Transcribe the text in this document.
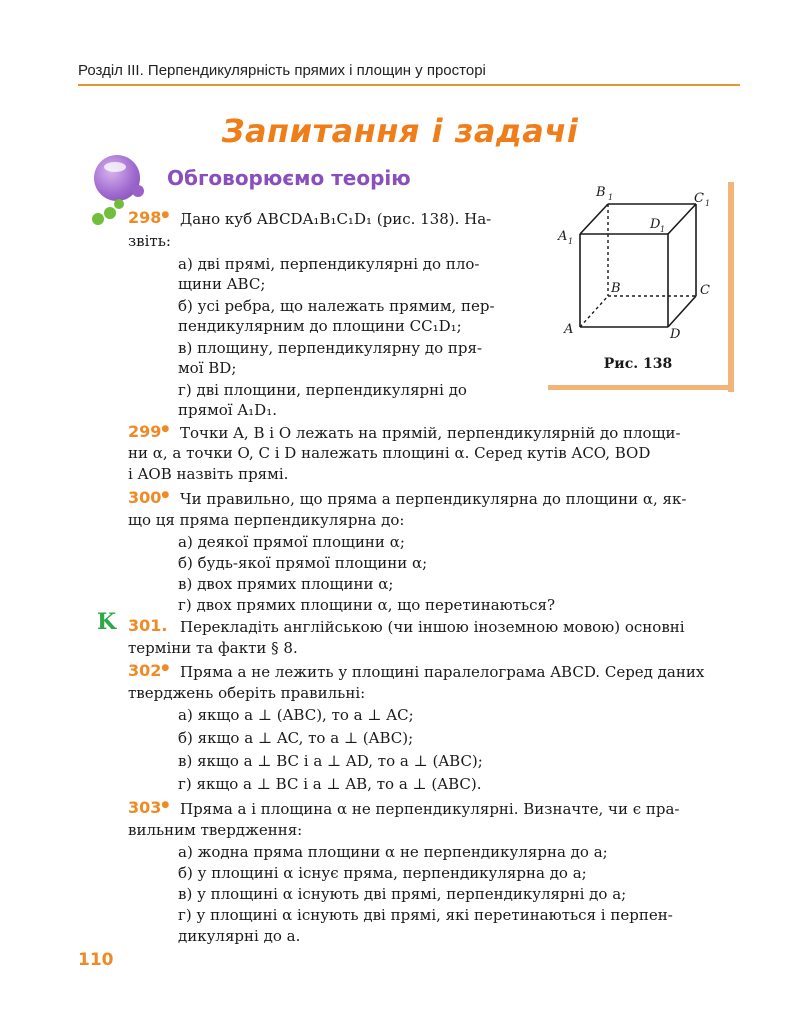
Розділ ІІІ. Перпендикулярність прямих і площин у просторі
Запитання і задачі
Обговорюємо теорію
B 1	C 1
A 1
D 1
B	C
A	D
Рис. 138
298● Дано куб ABCDA₁B₁C₁D₁ (рис. 138). На-
звіть:
а) дві прямі, перпендикулярні до пло-
щини ABC;
б) усі ребра, що належать прямим, пер-
пендикулярним до площини CC₁D₁;
в) площину, перпендикулярну до пря-
мої BD;
г) дві площини, перпендикулярні до
прямої A₁D₁.
299● Точки A, B і O лежать на прямій, перпендикулярній до площи-
ни α, а точки O, C і D належать площині α. Серед кутів ACO, BOD
і AOB назвіть прямі.
300● Чи правильно, що пряма a перпендикулярна до площини α, як-
що ця пряма перпендикулярна до:
а) деякої прямої площини α;
б) будь-якої прямої площини α;
в) двох прямих площини α;
г) двох прямих площини α, що перетинаються?
K 301. Перекладіть англійською (чи іншою іноземною мовою) основні
терміни та факти § 8.
302● Пряма a не лежить у площині паралелограма ABCD. Серед даних
тверджень оберіть правильні:
а) якщо a ⊥ (ABC), то a ⊥ AC;
б) якщо a ⊥ AC, то a ⊥ (ABC);
в) якщо a ⊥ BC і a ⊥ AD, то a ⊥ (ABC);
г) якщо a ⊥ BC і a ⊥ AB, то a ⊥ (ABC).
303● Пряма a і площина α не перпендикулярні. Визначте, чи є пра-
вильним твердження:
а) жодна пряма площини α не перпендикулярна до a;
б) у площині α існує пряма, перпендикулярна до a;
в) у площині α існують дві прямі, перпендикулярні до a;
г) у площині α існують дві прямі, які перетинаються і перпен-
дикулярні до a.
110
